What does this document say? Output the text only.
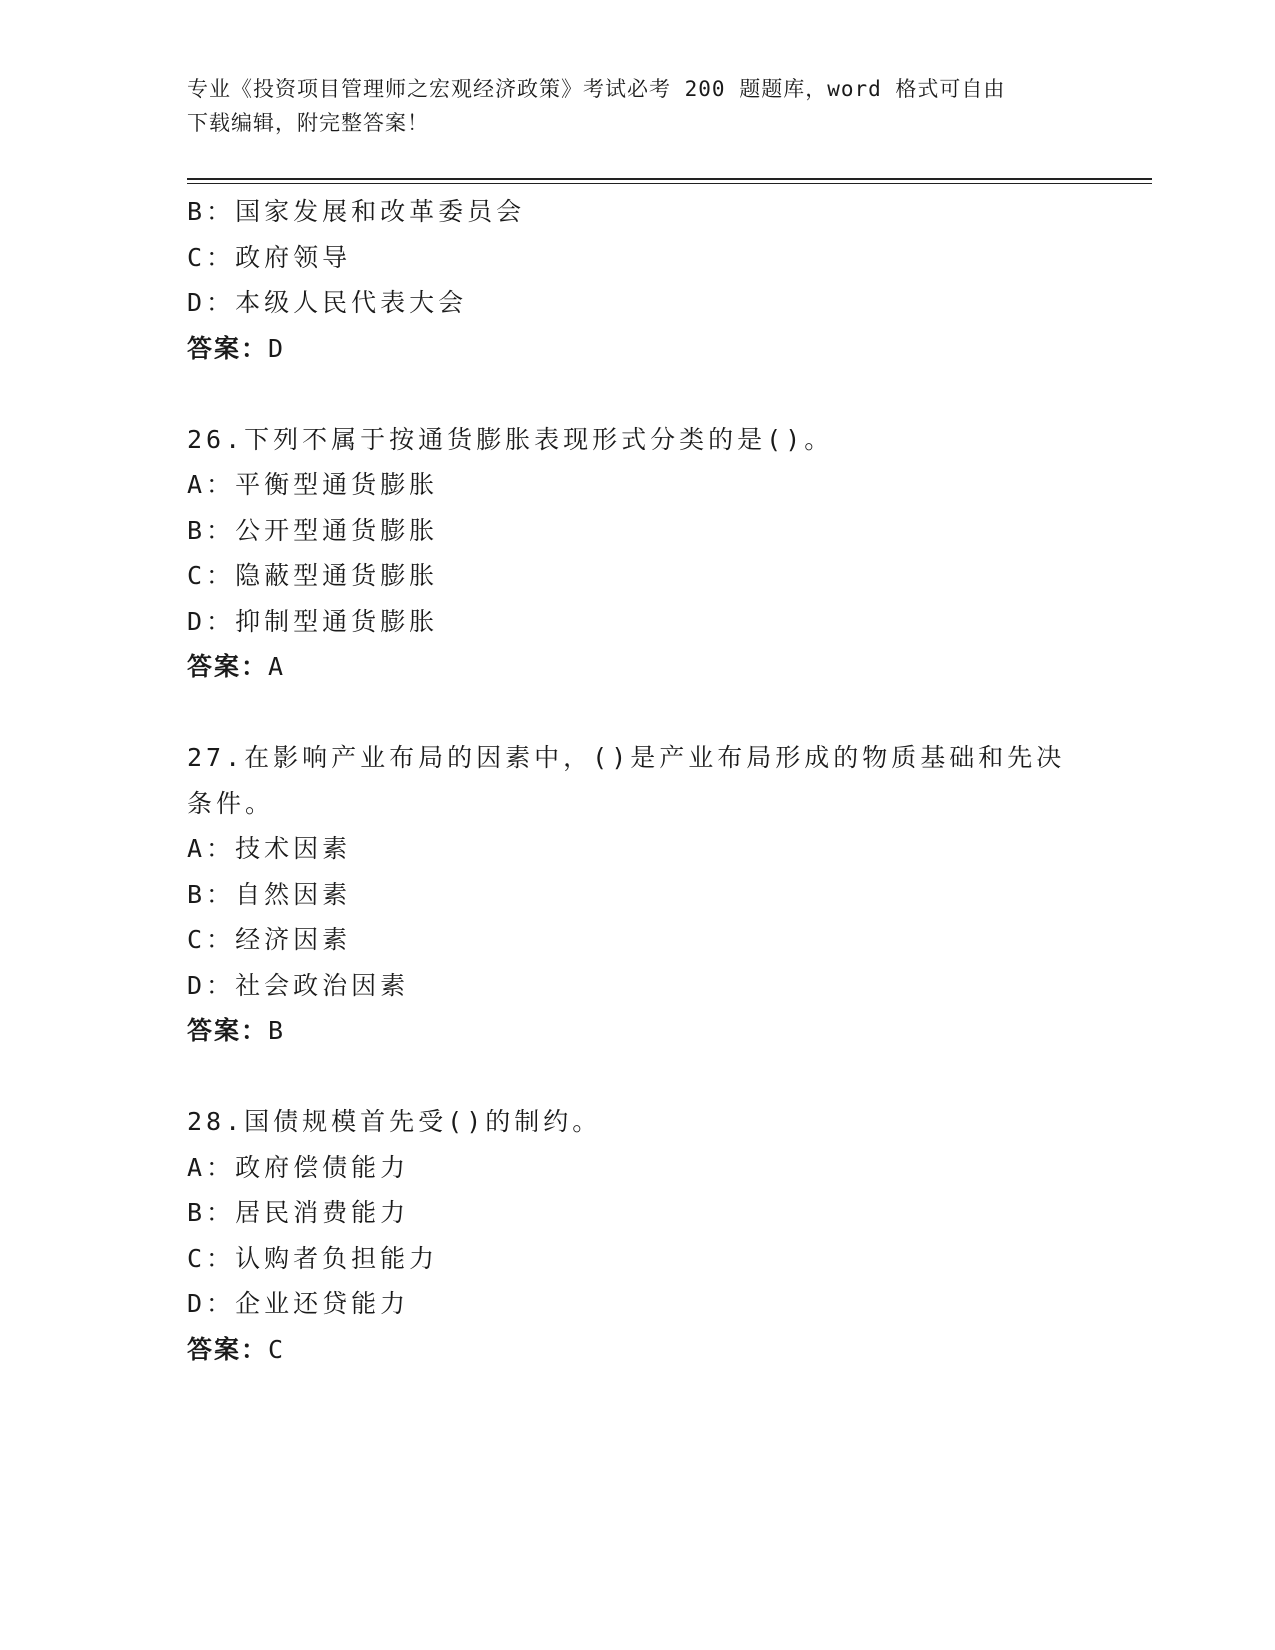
专业《投资项目管理师之宏观经济政策》考试必考 200 题题库，word 格式可自由
下载编辑，附完整答案！
B：国家发展和改革委员会
C：政府领导
D：本级人民代表大会
答案：D
26.下列不属于按通货膨胀表现形式分类的是()。
A：平衡型通货膨胀
B：公开型通货膨胀
C：隐蔽型通货膨胀
D：抑制型通货膨胀
答案：A
27.在影响产业布局的因素中，()是产业布局形成的物质基础和先决条件。
A：技术因素
B：自然因素
C：经济因素
D：社会政治因素
答案：B
28.国债规模首先受()的制约。
A：政府偿债能力
B：居民消费能力
C：认购者负担能力
D：企业还贷能力
答案：C
